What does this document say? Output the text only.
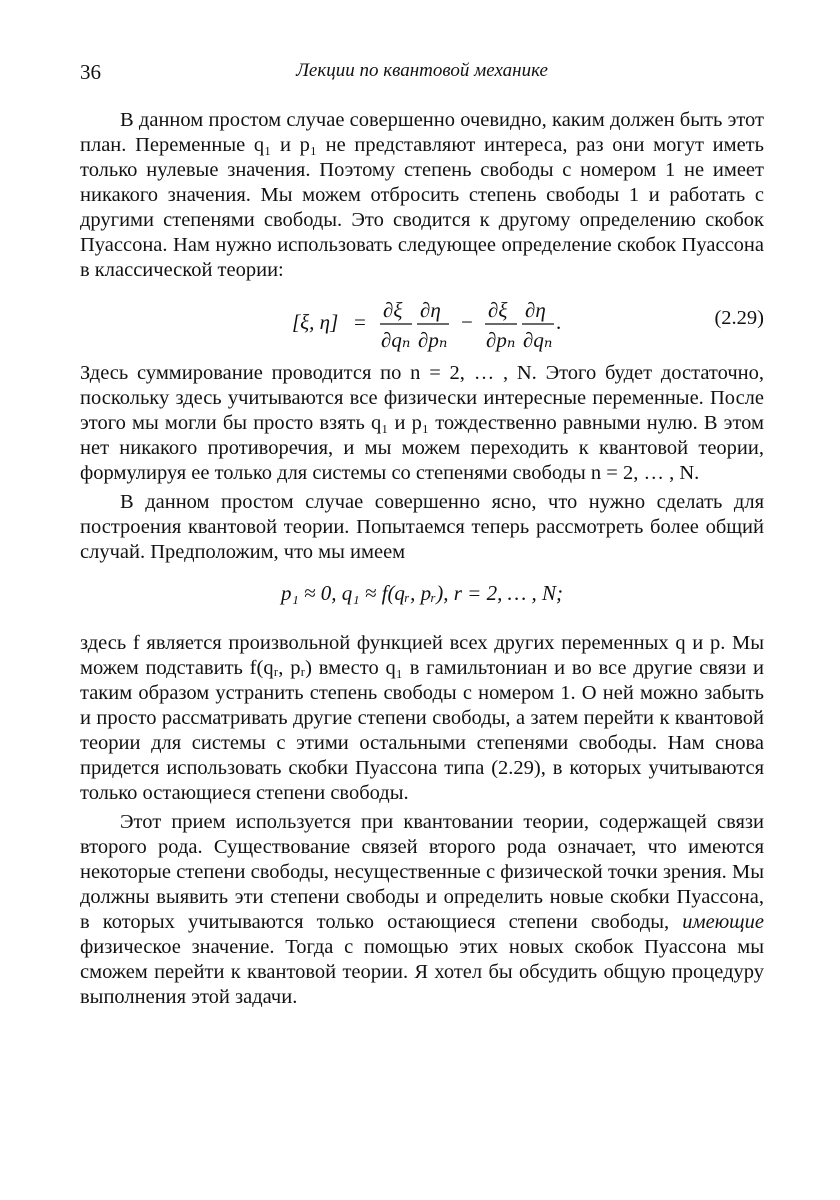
36	Лекции по квантовой механике

В данном простом случае совершенно очевидно, каким должен быть этот план. Переменные q₁ и p₁ не представляют интереса, раз они могут иметь только нулевые значения. Поэтому степень свободы с номером 1 не имеет никакого значения. Мы можем отбросить степень свободы 1 и работать с другими степенями свободы. Это сводится к другому определению скобок Пуассона. Нам нужно использовать следующее определение скобок Пуассона в классической теории:

[ξ, η] = ∂ξ
∂qₙ
∂η
∂pₙ
− ∂ξ
∂pₙ
∂η
∂qₙ
.	(2.29)

Здесь суммирование проводится по n = 2, … , N. Этого будет достаточно, поскольку здесь учитываются все физически интересные переменные. После этого мы могли бы просто взять q₁ и p₁ тождественно равными нулю. В этом нет никакого противоречия, и мы можем переходить к квантовой теории, формулируя ее только для системы со степенями свободы n = 2, … , N.

В данном простом случае совершенно ясно, что нужно сделать для построения квантовой теории. Попытаемся теперь рассмотреть более общий случай. Предположим, что мы имеем

p₁ ≈ 0, q₁ ≈ f(qᵣ, pᵣ), r = 2, … , N;

здесь f является произвольной функцией всех других переменных q и p. Мы можем подставить f(qᵣ, pᵣ) вместо q₁ в гамильтониан и во все другие связи и таким образом устранить степень свободы с номером 1. О ней можно забыть и просто рассматривать другие степени свободы, а затем перейти к квантовой теории для системы с этими остальными степенями свободы. Нам снова придется использовать скобки Пуассона типа (2.29), в которых учитываются только остающиеся степени свободы.

Этот прием используется при квантовании теории, содержащей связи второго рода. Существование связей второго рода означает, что имеются некоторые степени свободы, несущественные с физической точки зрения. Мы должны выявить эти степени свободы и определить новые скобки Пуассона, в которых учитываются только остающиеся степени свободы, имеющие физическое значение. Тогда с помощью этих новых скобок Пуассона мы сможем перейти к квантовой теории. Я хотел бы обсудить общую процедуру выполнения этой задачи.
